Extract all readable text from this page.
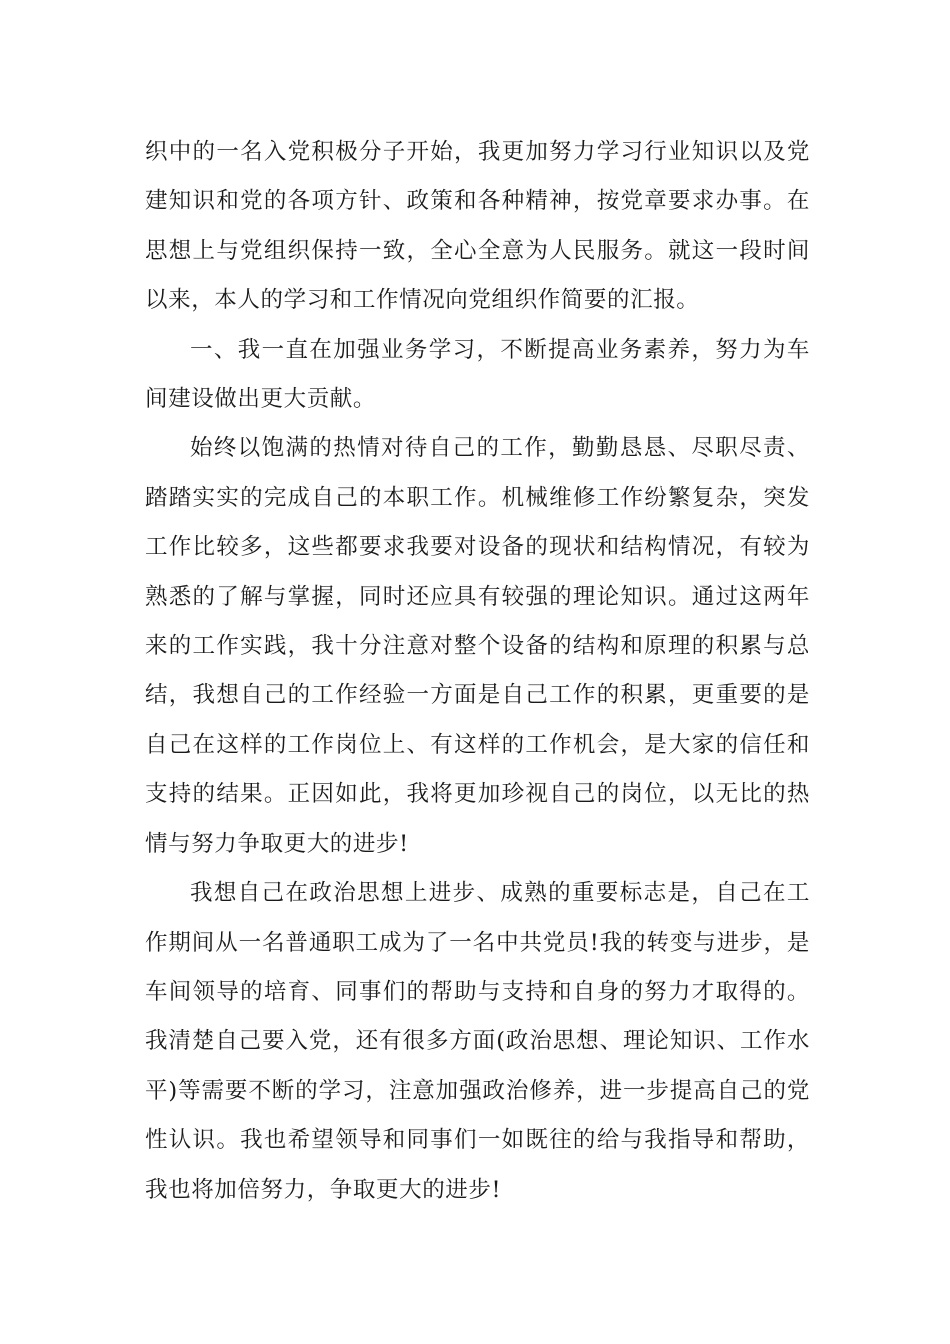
织中的一名入党积极分子开始，我更加努力学习行业知识以及党建知识和党的各项方针、政策和各种精神，按党章要求办事。在思想上与党组织保持一致，全心全意为人民服务。就这一段时间以来，本人的学习和工作情况向党组织作简要的汇报。

一、我一直在加强业务学习，不断提高业务素养，努力为车间建设做出更大贡献。

始终以饱满的热情对待自己的工作，勤勤恳恳、尽职尽责、踏踏实实的完成自己的本职工作。机械维修工作纷繁复杂，突发工作比较多，这些都要求我要对设备的现状和结构情况，有较为熟悉的了解与掌握，同时还应具有较强的理论知识。通过这两年来的工作实践，我十分注意对整个设备的结构和原理的积累与总结，我想自己的工作经验一方面是自己工作的积累，更重要的是自己在这样的工作岗位上、有这样的工作机会，是大家的信任和支持的结果。正因如此，我将更加珍视自己的岗位，以无比的热情与努力争取更大的进步!

我想自己在政治思想上进步、成熟的重要标志是，自己在工作期间从一名普通职工成为了一名中共党员!我的转变与进步，是车间领导的培育、同事们的帮助与支持和自身的努力才取得的。我清楚自己要入党，还有很多方面(政治思想、理论知识、工作水平)等需要不断的学习，注意加强政治修养，进一步提高自己的党性认识。我也希望领导和同事们一如既往的给与我指导和帮助，我也将加倍努力，争取更大的进步!
